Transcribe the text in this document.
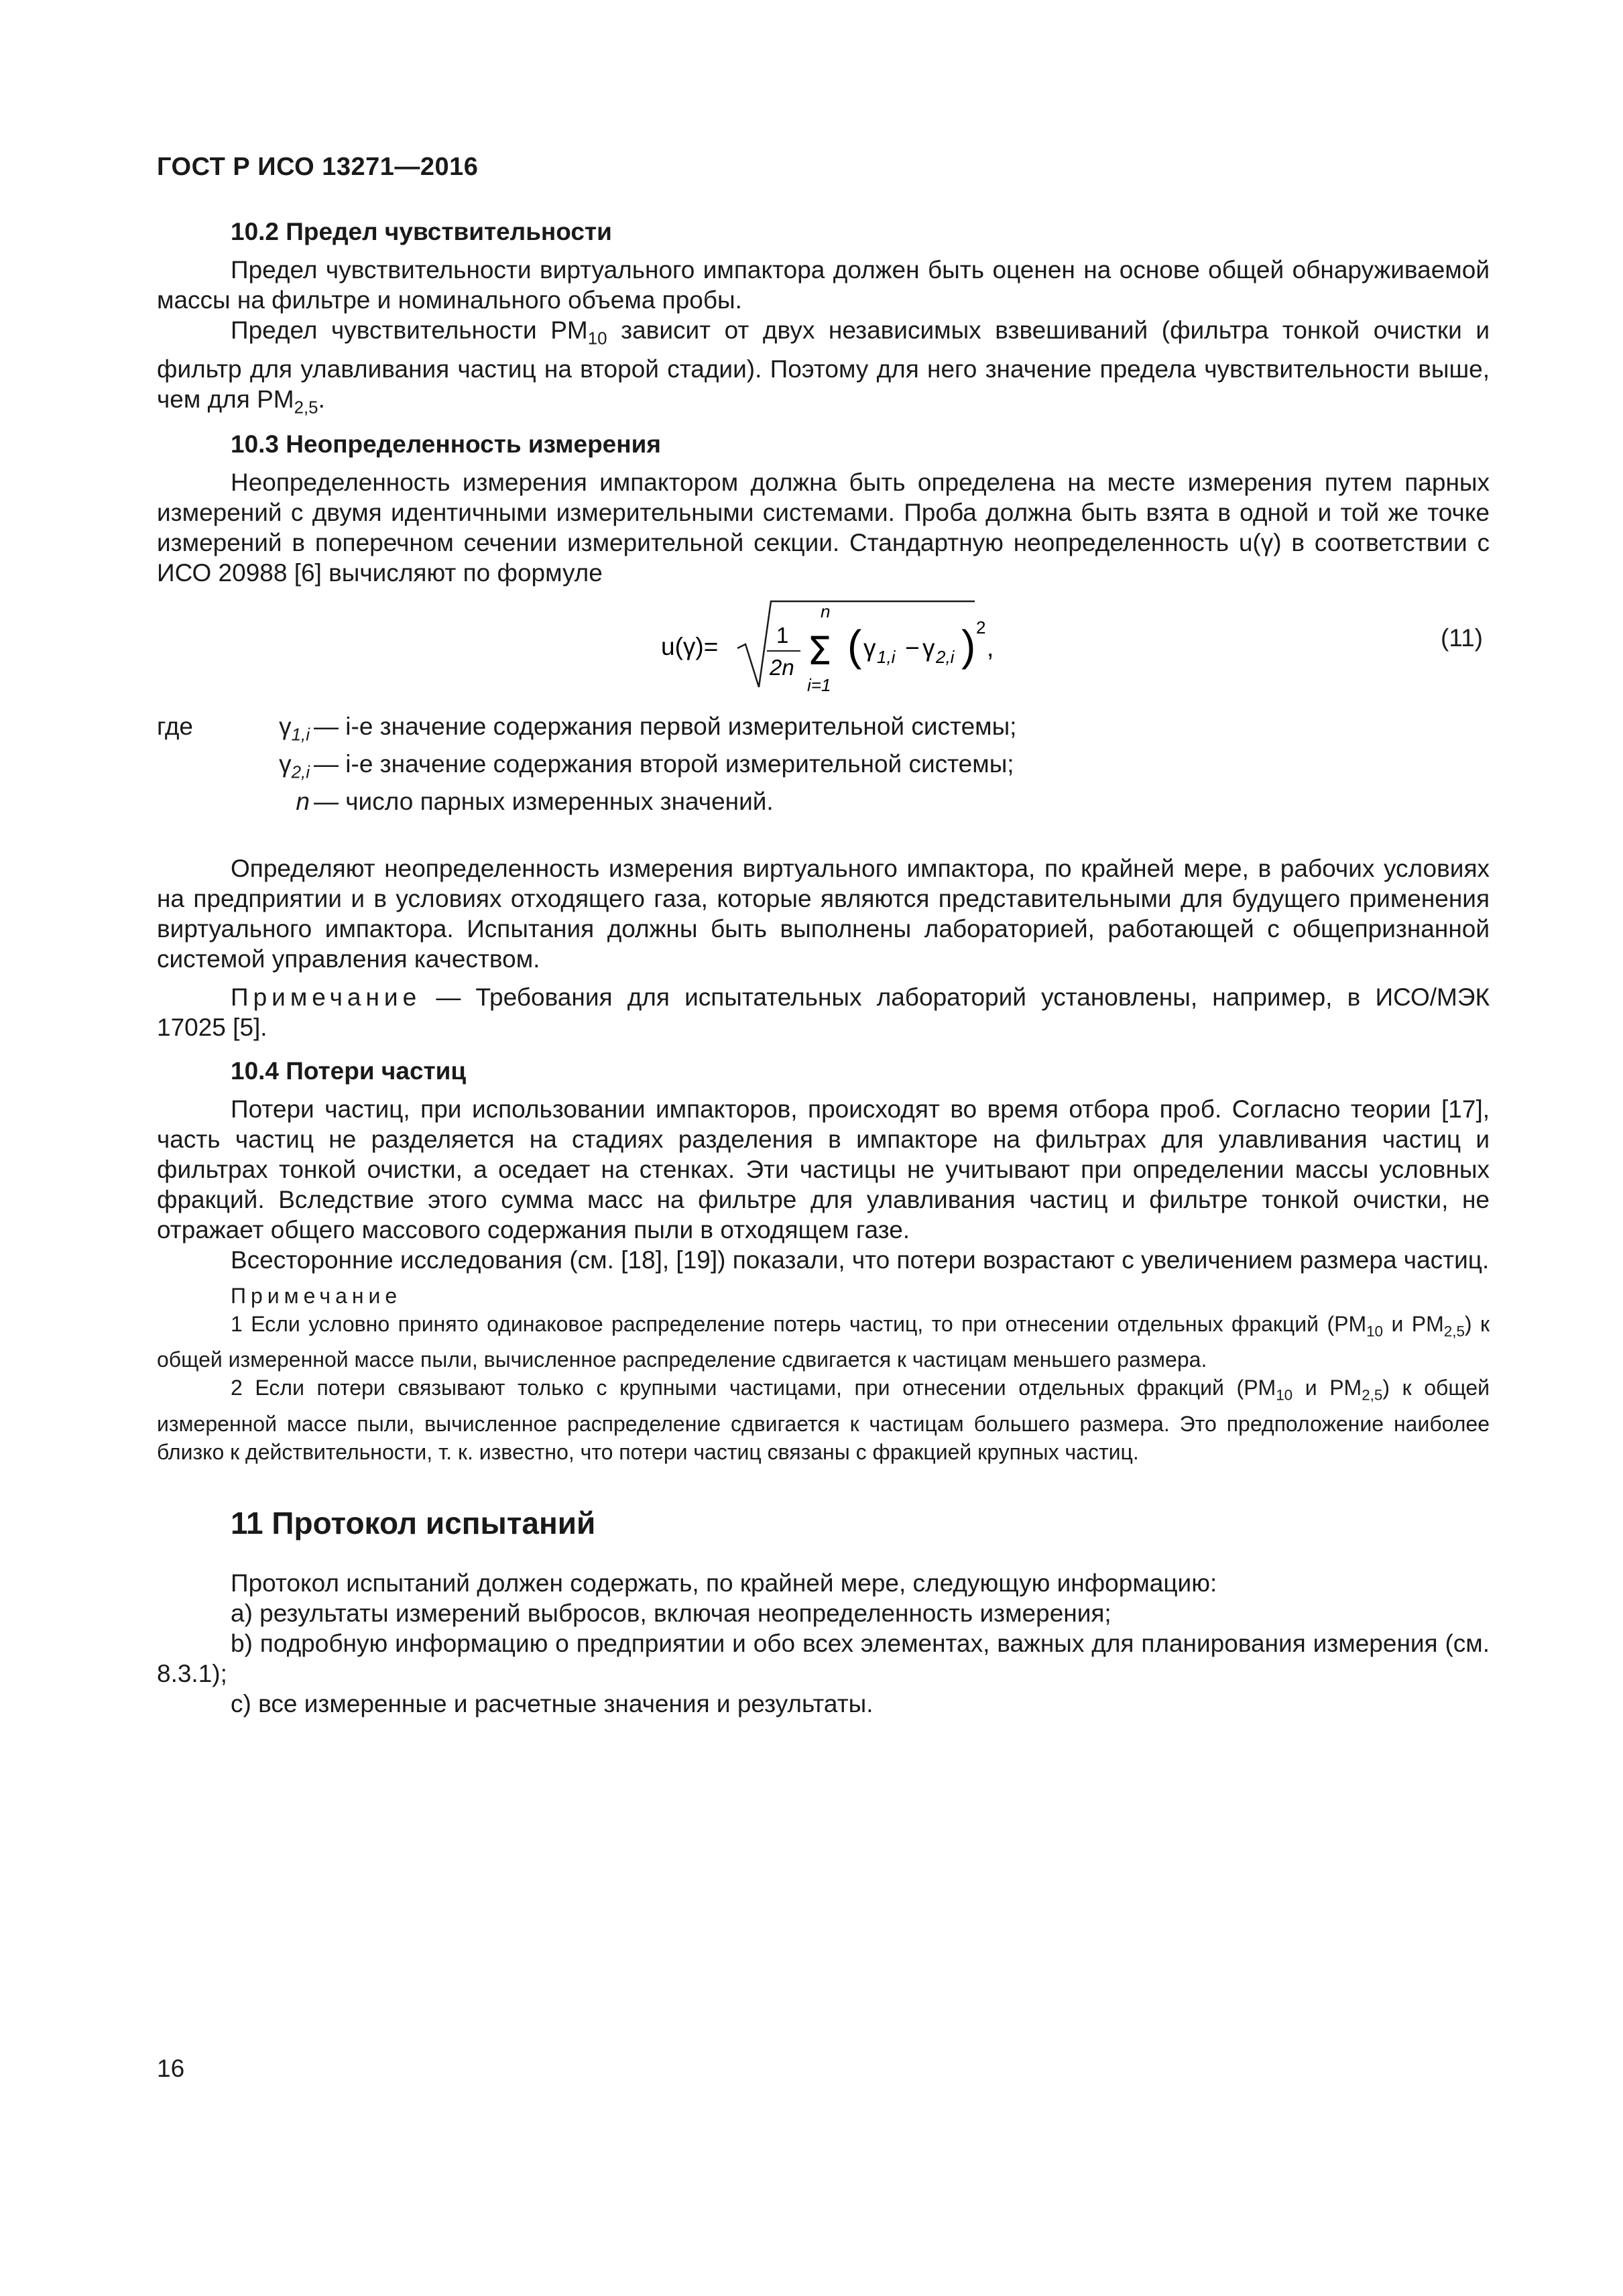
ГОСТ Р ИСО 13271—2016

10.2 Предел чувствительности

Предел чувствительности виртуального импактора должен быть оценен на основе общей обнаруживаемой массы на фильтре и номинального объема пробы.

Предел чувствительности $PM_{10}$ зависит от двух независимых взвешиваний (фильтра тонкой очистки и фильтр для улавливания частиц на второй стадии). Поэтому для него значение предела чувствительности выше, чем для $PM_{2,5}$.

10.3 Неопределенность измерения

Неопределенность измерения импактором должна быть определена на месте измерения путем парных измерений с двумя идентичными измерительными системами. Проба должна быть взята в одной и той же точке измерений в поперечном сечении измерительной секции. Стандартную неопределенность u(γ) в соответствии с ИСО 20988 [6] вычисляют по формуле

u(γ)=	1
2n
n
Σ
i=1
( γ 1,i − γ 2,i ) 2
,	(11)
где	$\gamma_{1,i}$ — i-е значение содержания первой измерительной системы;
$\gamma_{2,i}$ — i-е значение содержания второй измерительной системы;
n — число парных измеренных значений.

Определяют неопределенность измерения виртуального импактора, по крайней мере, в рабочих условиях на предприятии и в условиях отходящего газа, которые являются представительными для будущего применения виртуального импактора. Испытания должны быть выполнены лабораторией, работающей с общепризнанной системой управления качеством.

Примечание — Требования для испытательных лабораторий установлены, например, в ИСО/МЭК 17025 [5].

10.4 Потери частиц

Потери частиц, при использовании импакторов, происходят во время отбора проб. Согласно теории [17], часть частиц не разделяется на стадиях разделения в импакторе на фильтрах для улавливания частиц и фильтрах тонкой очистки, а оседает на стенках. Эти частицы не учитывают при определении массы условных фракций. Вследствие этого сумма масс на фильтре для улавливания частиц и фильтре тонкой очистки, не отражает общего массового содержания пыли в отходящем газе.

Всесторонние исследования (см. [18], [19]) показали, что потери возрастают с увеличением размера частиц.

Примечание

1 Если условно принято одинаковое распределение потерь частиц, то при отнесении отдельных фракций ($PM_{10}$ и $PM_{2,5}$) к общей измеренной массе пыли, вычисленное распределение сдвигается к частицам меньшего размера.

2 Если потери связывают только с крупными частицами, при отнесении отдельных фракций ($PM_{10}$ и $PM_{2,5}$) к общей измеренной массе пыли, вычисленное распределение сдвигается к частицам большего размера. Это предположение наиболее близко к действительности, т. к. известно, что потери частиц связаны с фракцией крупных частиц.

11 Протокол испытаний

Протокол испытаний должен содержать, по крайней мере, следующую информацию:

a) результаты измерений выбросов, включая неопределенность измерения;

b) подробную информацию о предприятии и обо всех элементах, важных для планирования измерения (см. 8.3.1);

c) все измеренные и расчетные значения и результаты.

16
